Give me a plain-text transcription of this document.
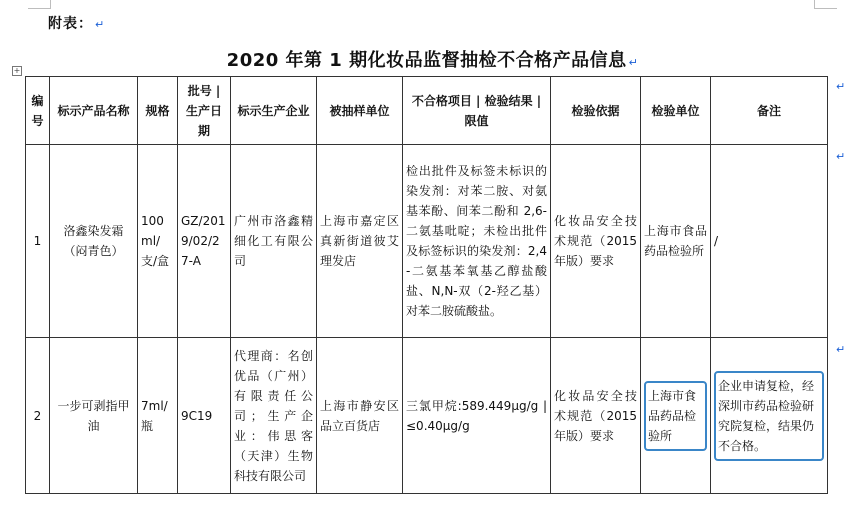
附表： ↵
2020 年第 1 期化妆品监督抽检不合格产品信息 ↵
+
编号	标示产品名称	规格	批号 | 生产日期	标示生产企业	被抽样单位	不合格项目 | 检验结果 | 限值	检验依据	检验单位	备注
1	洛鑫染发霜（闷青色）	100ml/支/盒	GZ/2019/02/27-A	广州市洛鑫精细化工有限公司	上海市嘉定区真新街道彼艾理发店	检出批件及标签未标识的染发剂：对苯二胺、对氨基苯酚、间苯二酚和 2,6-二氨基吡啶；未检出批件及标签标识的染发剂：2,4-二氨基苯氧基乙醇盐酸盐、N,N-双（2-羟乙基）对苯二胺硫酸盐。	化妆品安全技术规范（2015 年版）要求	上海市食品药品检验所	/
2	一步可剥指甲油	7ml/瓶	9C19	代理商：名创优品（广州）有限责任公司；生产企业：伟思客（天津）生物科技有限公司	上海市静安区品立百货店	三氯甲烷:589.449μg/g | ≤0.40μg/g	化妆品安全技术规范（2015 年版）要求	上海市食品药品检验所	企业申请复检，经深圳市药品检验研究院复检，结果仍不合格。
↵
↵
↵
